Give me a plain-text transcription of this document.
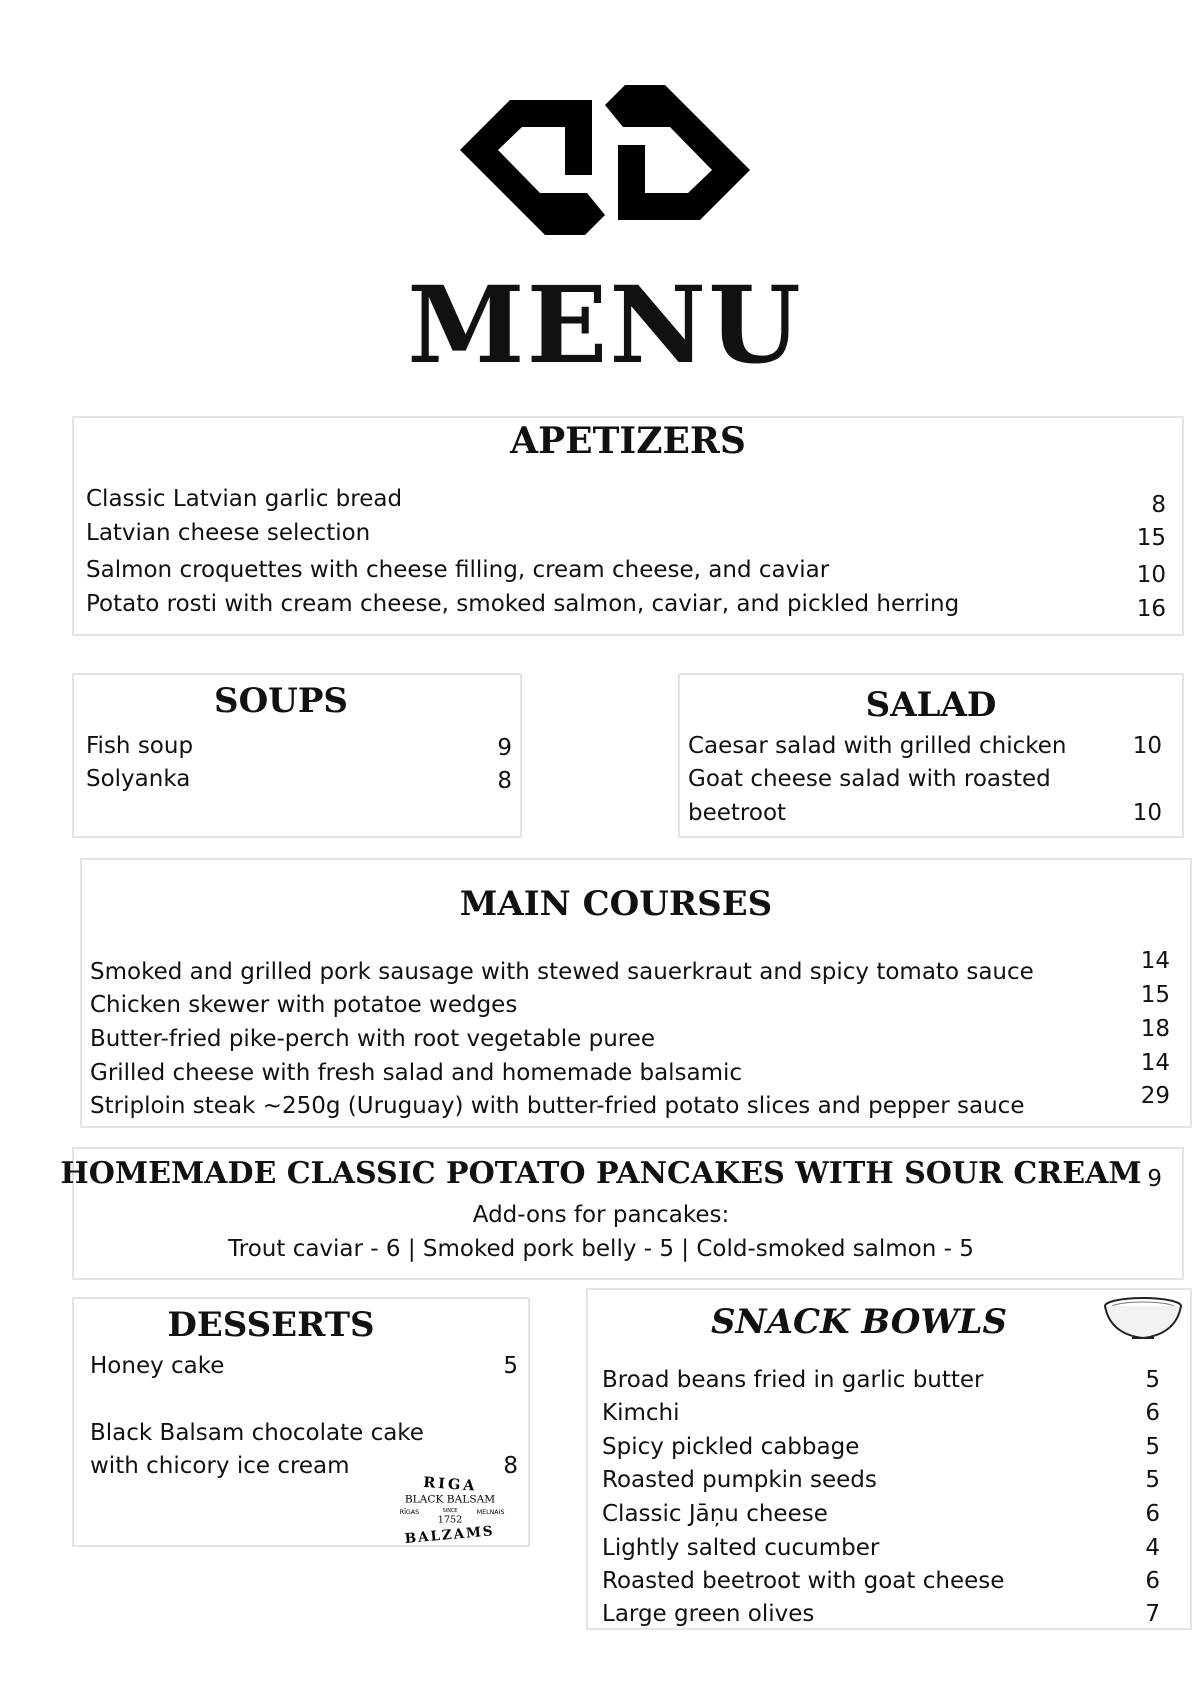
MENU
APETIZERS
Classic Latvian garlic bread	8
Latvian cheese selection	15
Salmon croquettes with cheese filling, cream cheese, and caviar	10
Potato rosti with cream cheese, smoked salmon, caviar, and pickled herring	16
SOUPS
Fish soup	9
Solyanka	8
SALAD
Caesar salad with grilled chicken	10
Goat cheese salad with roasted
beetroot	10
MAIN COURSES
Smoked and grilled pork sausage with stewed sauerkraut and spicy tomato sauce	14
Chicken skewer with potatoe wedges	15
Butter-fried pike-perch with root vegetable puree	18
Grilled cheese with fresh salad and homemade balsamic	14
Striploin steak ~250g (Uruguay) with butter-fried potato slices and pepper sauce	29
HOMEMADE CLASSIC POTATO PANCAKES WITH SOUR CREAM 9
Add-ons for pancakes:
Trout caviar - 6 | Smoked pork belly - 5 | Cold-smoked salmon - 5
DESSERTS
Honey cake	5
Black Balsam chocolate cake
with chicory ice cream	8
RIGA
BLACK BALSAM
RĪGAS	SINCE	MELNAIS
1752
BALZAMS
SNACK BOWLS
Broad beans fried in garlic butter	5
Kimchi	6
Spicy pickled cabbage	5
Roasted pumpkin seeds	5
Classic Jāņu cheese	6
Lightly salted cucumber	4
Roasted beetroot with goat cheese	6
Large green olives	7
